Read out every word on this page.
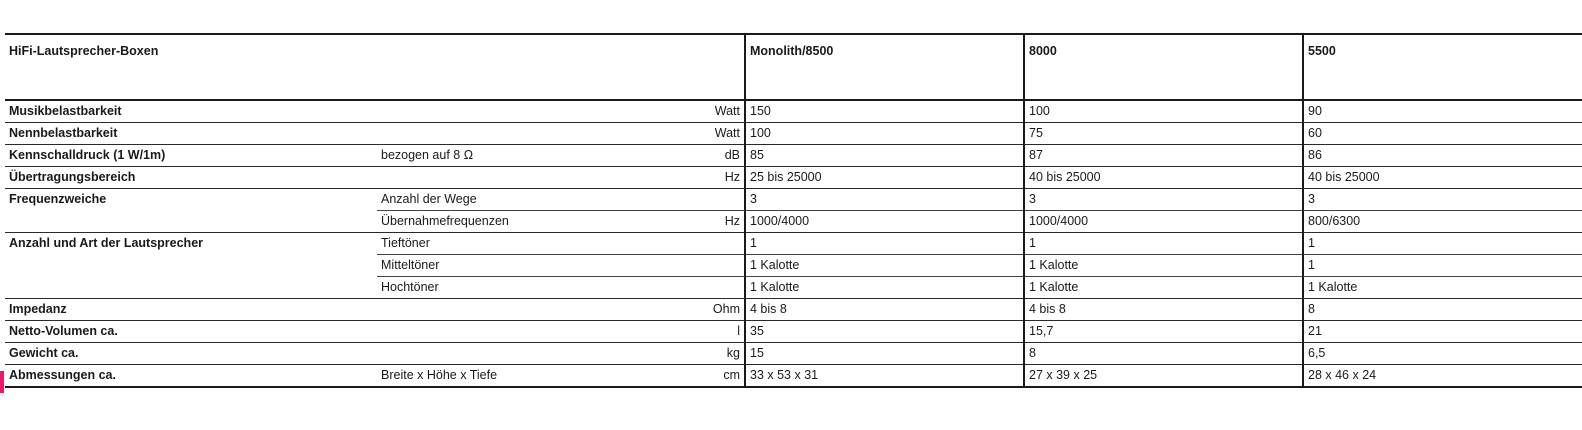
HiFi-Lautsprecher-Boxen			Monolith/8500	8000	5500
Musikbelastbarkeit		Watt	150	100	90
Nennbelastbarkeit		Watt	100	75	60
Kennschalldruck (1 W/1m)	bezogen auf 8 Ω	dB	85	87	86
Übertragungsbereich		Hz	25 bis 25000	40 bis 25000	40 bis 25000
Frequenzweiche	Anzahl der Wege		3	3	3
	Übernahmefrequenzen	Hz	1000/4000	1000/4000	800/6300
Anzahl und Art der Lautsprecher	Tieftöner		1	1	1
	Mitteltöner		1 Kalotte	1 Kalotte	1
	Hochtöner		1 Kalotte	1 Kalotte	1 Kalotte
Impedanz		Ohm	4 bis 8	4 bis 8	8
Netto-Volumen ca.		l	35	15,7	21
Gewicht ca.		kg	15	8	6,5
Abmessungen ca.	Breite x Höhe x Tiefe	cm	33 x 53 x 31	27 x 39 x 25	28 x 46 x 24
